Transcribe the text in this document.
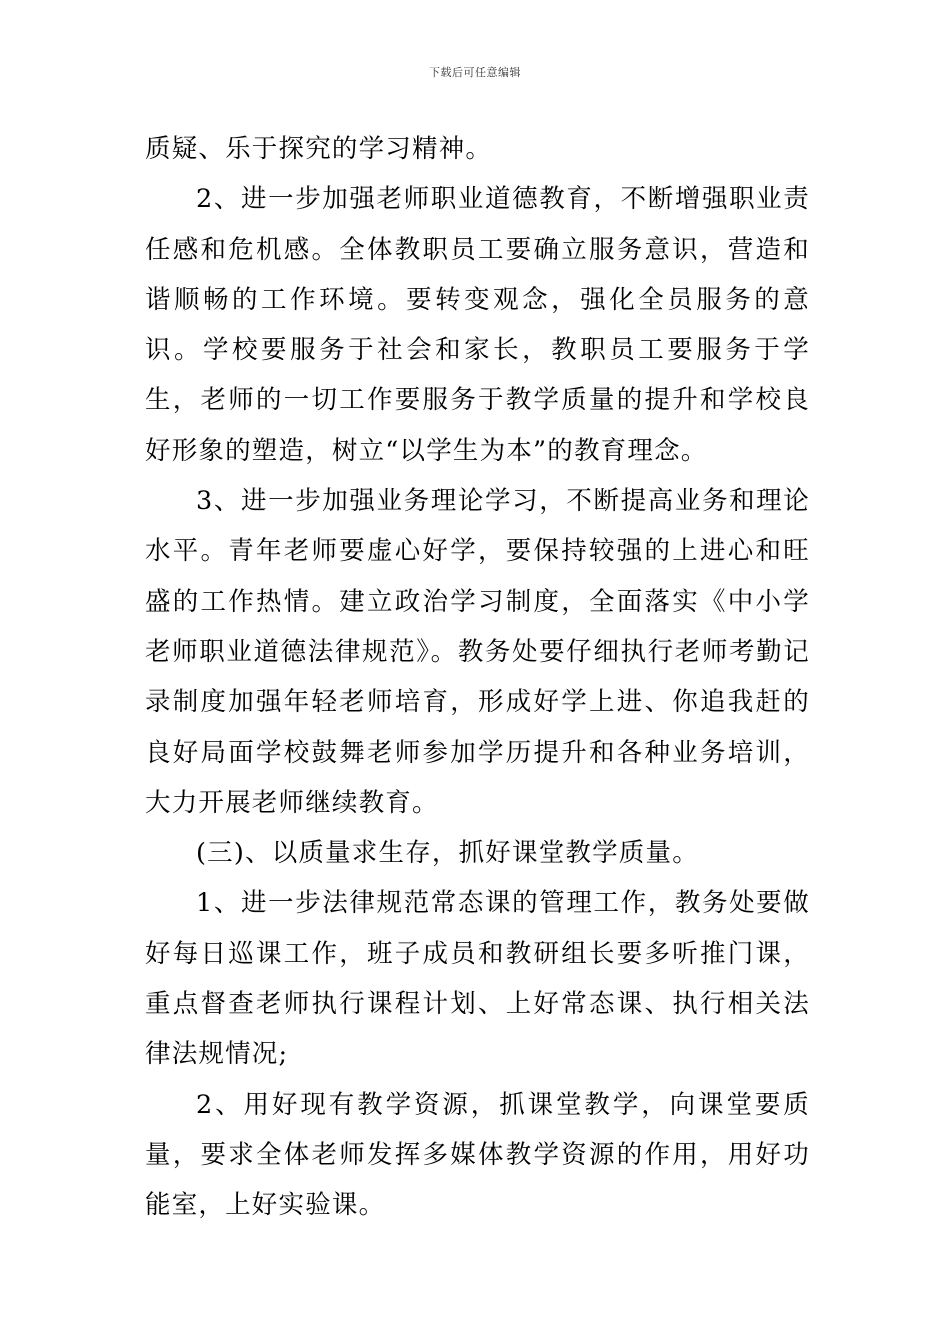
下载后可任意编辑

质疑、乐于探究的学习精神。

2、进一步加强老师职业道德教育，不断增强职业责任感和危机感。全体教职员工要确立服务意识，营造和谐顺畅的工作环境。要转变观念，强化全员服务的意识。学校要服务于社会和家长，教职员工要服务于学生，老师的一切工作要服务于教学质量的提升和学校良好形象的塑造，树立“以学生为本”的教育理念。

3、进一步加强业务理论学习，不断提高业务和理论水平。青年老师要虚心好学，要保持较强的上进心和旺盛的工作热情。建立政治学习制度，全面落实《中小学老师职业道德法律规范》。教务处要仔细执行老师考勤记录制度加强年轻老师培育，形成好学上进、你追我赶的良好局面学校鼓舞老师参加学历提升和各种业务培训，大力开展老师继续教育。

(三)、以质量求生存，抓好课堂教学质量。

1、进一步法律规范常态课的管理工作，教务处要做好每日巡课工作，班子成员和教研组长要多听推门课，重点督查老师执行课程计划、上好常态课、执行相关法律法规情况;

2、用好现有教学资源，抓课堂教学，向课堂要质量，要求全体老师发挥多媒体教学资源的作用，用好功能室，上好实验课。
